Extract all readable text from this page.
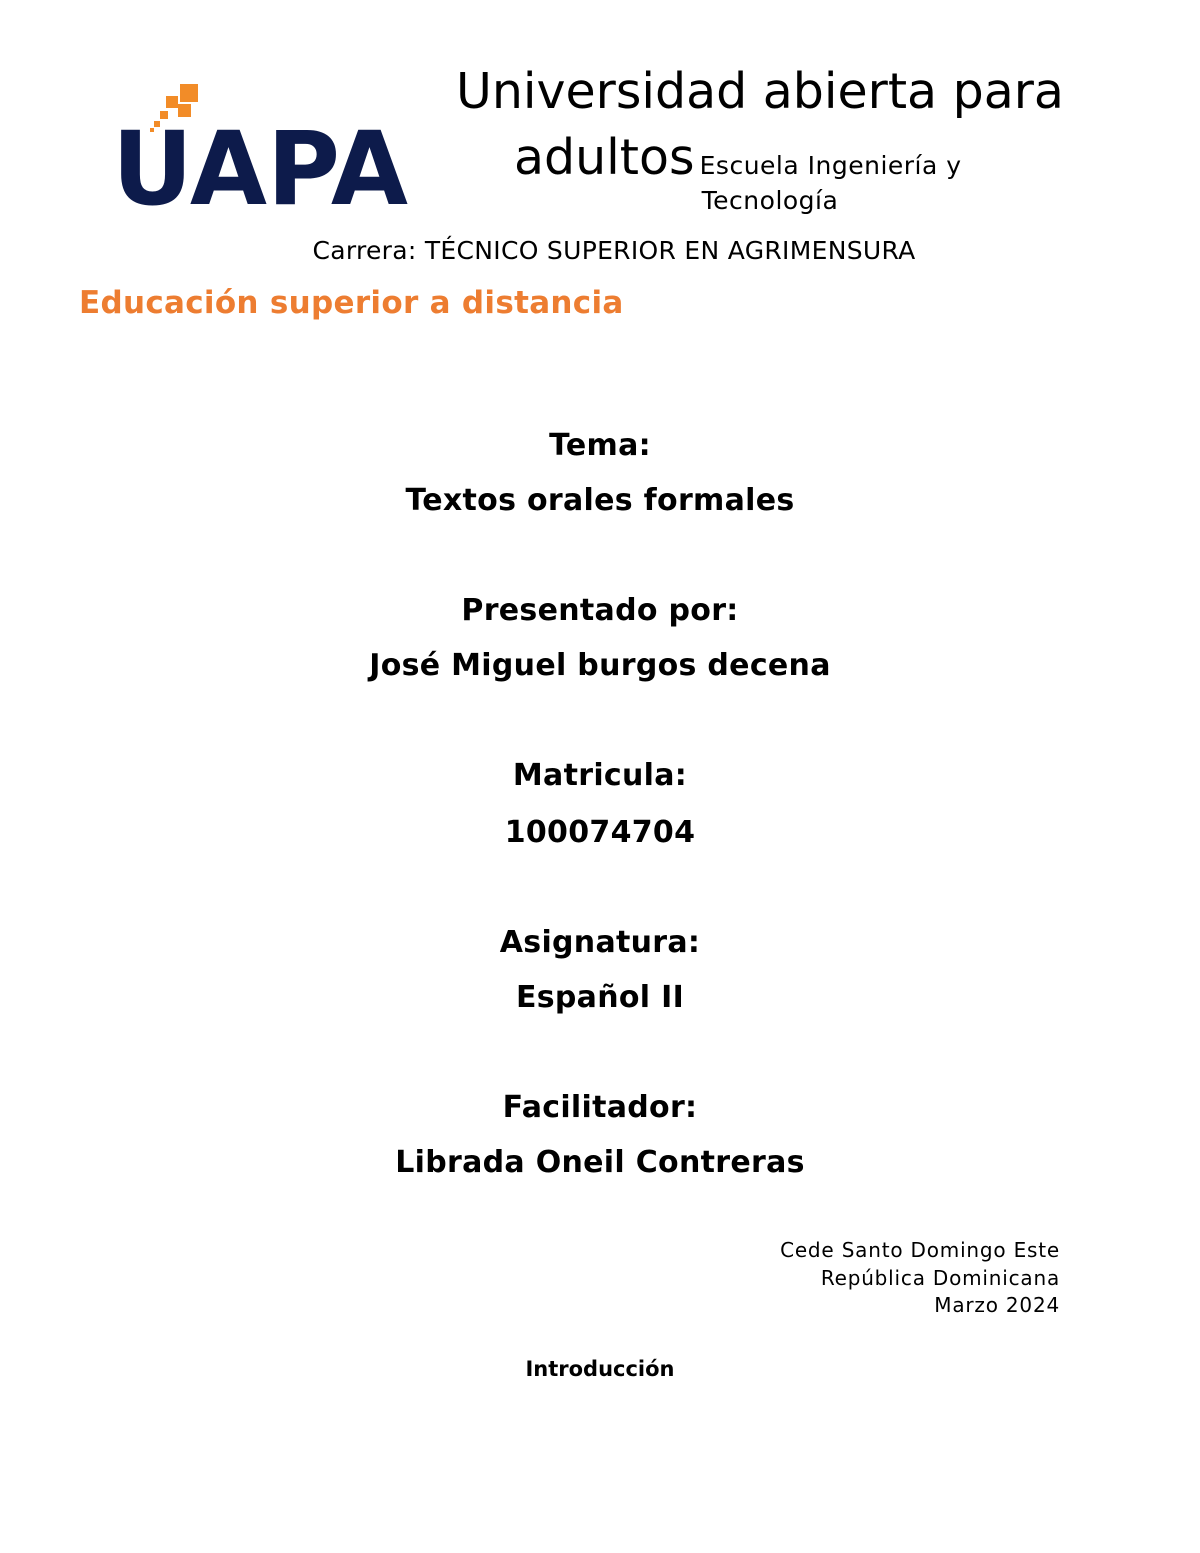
UAPA
Universidad abierta para
adultos Escuela Ingeniería y
Tecnología
Carrera: TÉCNICO SUPERIOR EN AGRIMENSURA
Educación superior a distancia
Tema:
Textos orales formales
Presentado por:
José Miguel burgos decena
Matricula:
100074704
Asignatura:
Español II
Facilitador:
Librada Oneil Contreras
Cede Santo Domingo Este
República Dominicana
Marzo 2024
Introducción
